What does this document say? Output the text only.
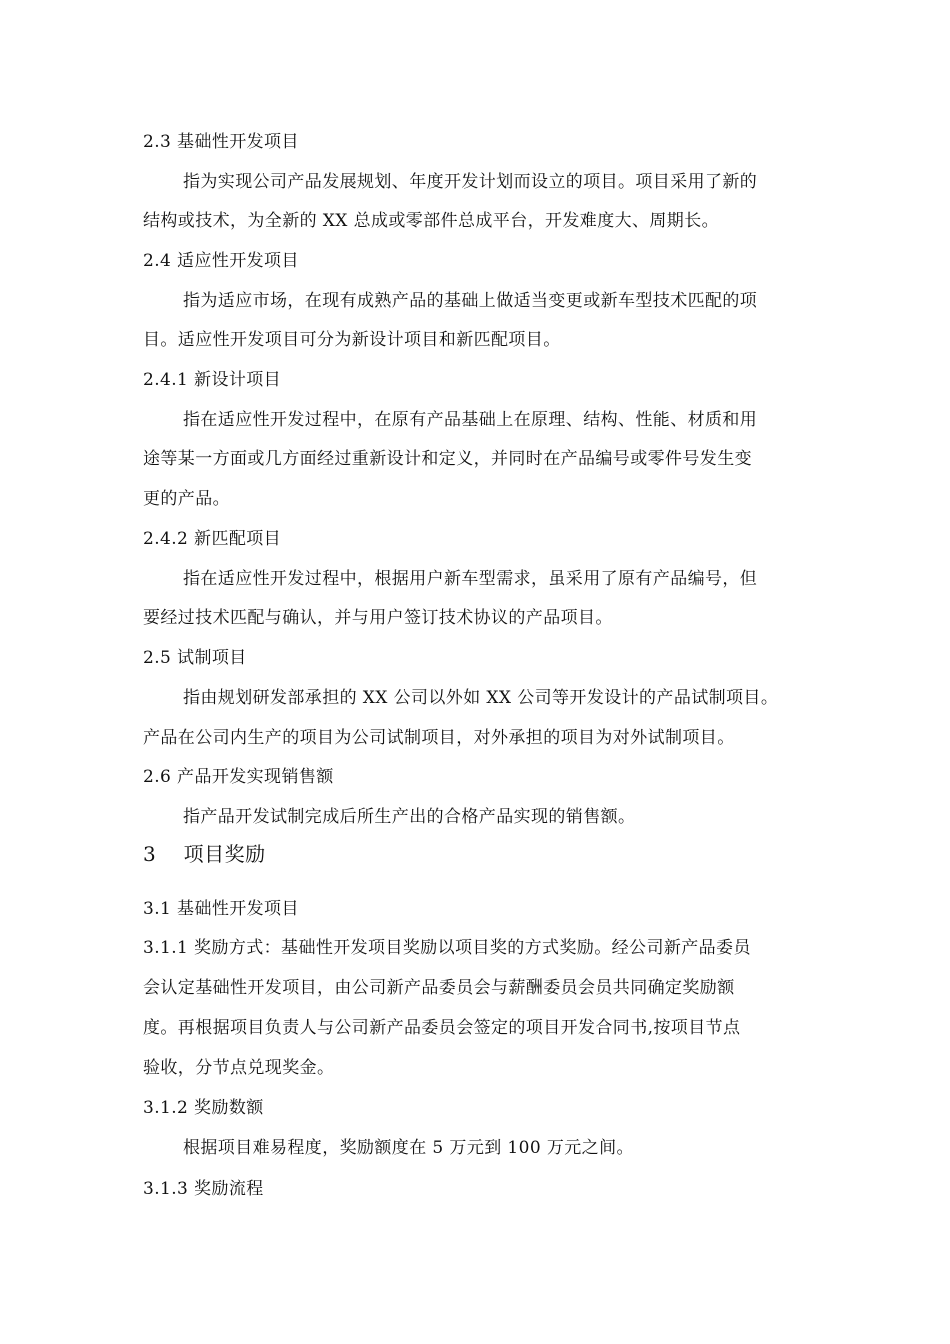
2.3 基础性开发项目
指为实现公司产品发展规划、年度开发计划而设立的项目。项目采用了新的
结构或技术，为全新的 XX 总成或零部件总成平台，开发难度大、周期长。
2.4 适应性开发项目
指为适应市场，在现有成熟产品的基础上做适当变更或新车型技术匹配的项
目。适应性开发项目可分为新设计项目和新匹配项目。
2.4.1 新设计项目
指在适应性开发过程中，在原有产品基础上在原理、结构、性能、材质和用
途等某一方面或几方面经过重新设计和定义，并同时在产品编号或零件号发生变
更的产品。
2.4.2 新匹配项目
指在适应性开发过程中，根据用户新车型需求，虽采用了原有产品编号，但
要经过技术匹配与确认，并与用户签订技术协议的产品项目。
2.5 试制项目
指由规划研发部承担的 XX 公司以外如 XX 公司等开发设计的产品试制项目。
产品在公司内生产的项目为公司试制项目，对外承担的项目为对外试制项目。
2.6 产品开发实现销售额
指产品开发试制完成后所生产出的合格产品实现的销售额。
3    项目奖励
3.1 基础性开发项目
3.1.1 奖励方式：基础性开发项目奖励以项目奖的方式奖励。经公司新产品委员
会认定基础性开发项目，由公司新产品委员会与薪酬委员会员共同确定奖励额
度。再根据项目负责人与公司新产品委员会签定的项目开发合同书,按项目节点
验收，分节点兑现奖金。
3.1.2 奖励数额
根据项目难易程度，奖励额度在 5 万元到 100 万元之间。
3.1.3 奖励流程
